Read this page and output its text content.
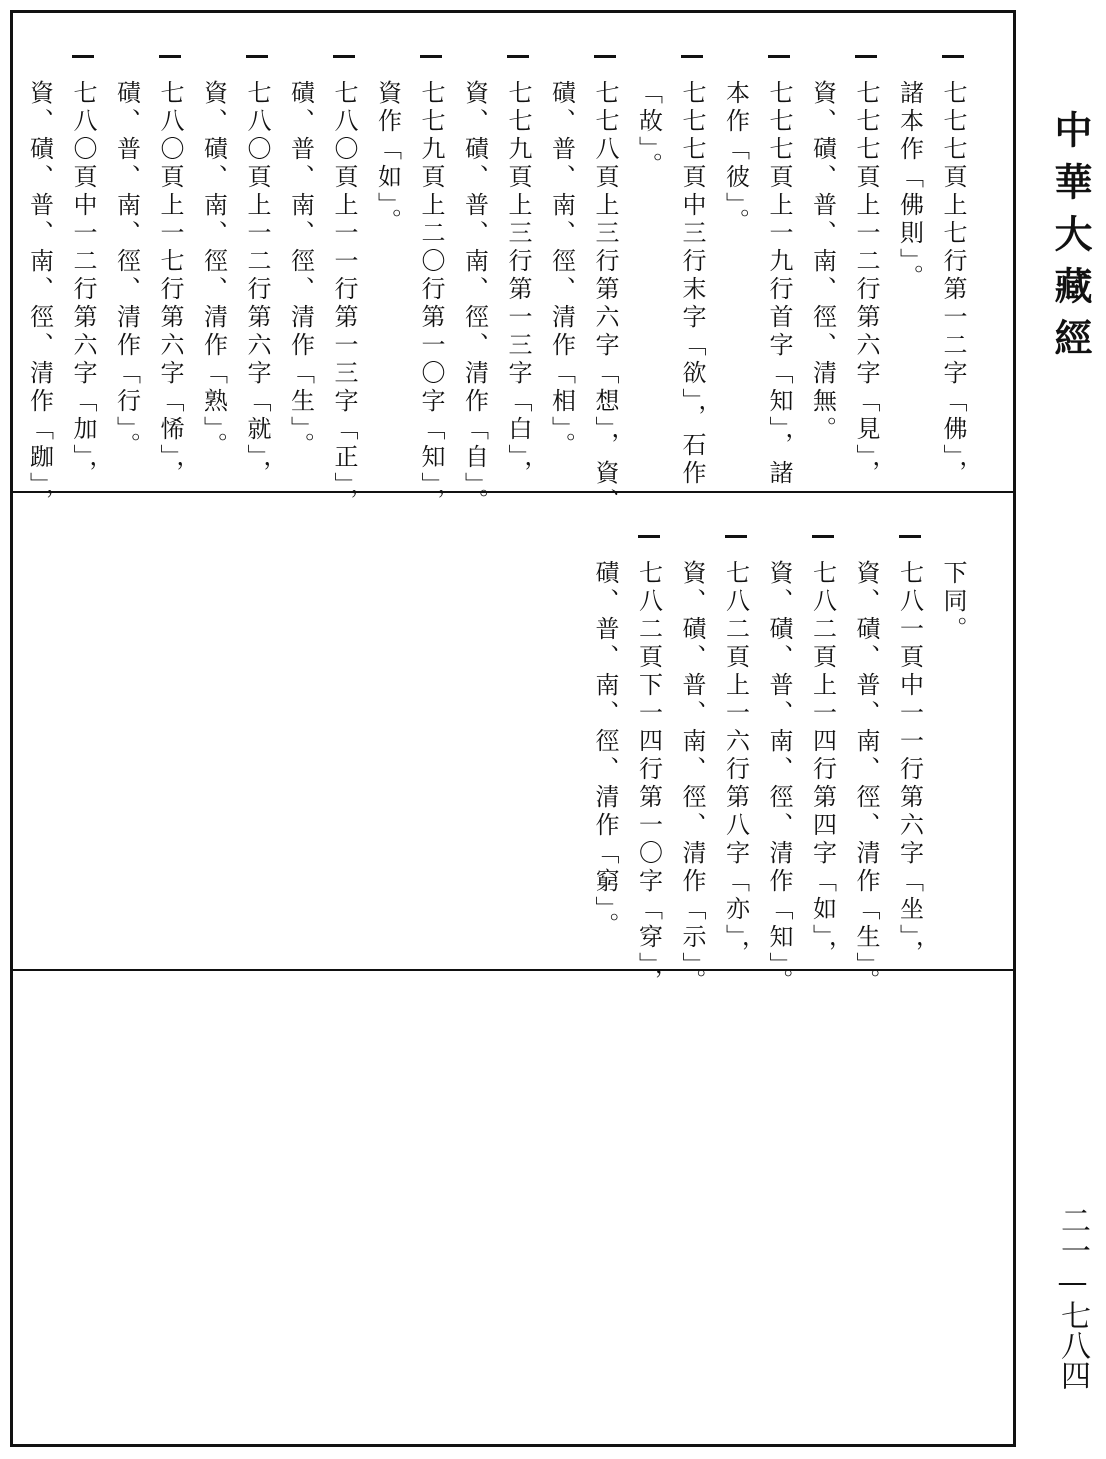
七七七頁上七行第一二字「佛」，
諸本作「佛則」。
七七七頁上一二行第六字「見」，
資、磧、普、南、徑、清無。
七七七頁上一九行首字「知」，諸
本作「彼」。
七七七頁中三行末字「欲」，石作
「故」。
七七八頁上三行第六字「想」，資、
磧、普、南、徑、清作「相」。
七七九頁上三行第一三字「白」，
資、磧、普、南、徑、清作「自」。
七七九頁上二〇行第一〇字「知」，
資作「如」。
七八〇頁上一一行第一三字「正」，
磧、普、南、徑、清作「生」。
七八〇頁上一二行第六字「就」，
資、磧、南、徑、清作「熟」。
七八〇頁上一七行第六字「悕」，
磧、普、南、徑、清作「行」。
七八〇頁中一二行第六字「加」，
資、磧、普、南、徑、清作「跏」，
下同。
七八一頁中一一行第六字「坐」，
資、磧、普、南、徑、清作「生」。
七八二頁上一四行第四字「如」，
資、磧、普、南、徑、清作「知」。
七八二頁上一六行第八字「亦」，
資、磧、普、南、徑、清作「示」。
七八二頁下一四行第一〇字「穿」，
磧、普、南、徑、清作「窮」。
中華大藏經
二一—七八四
